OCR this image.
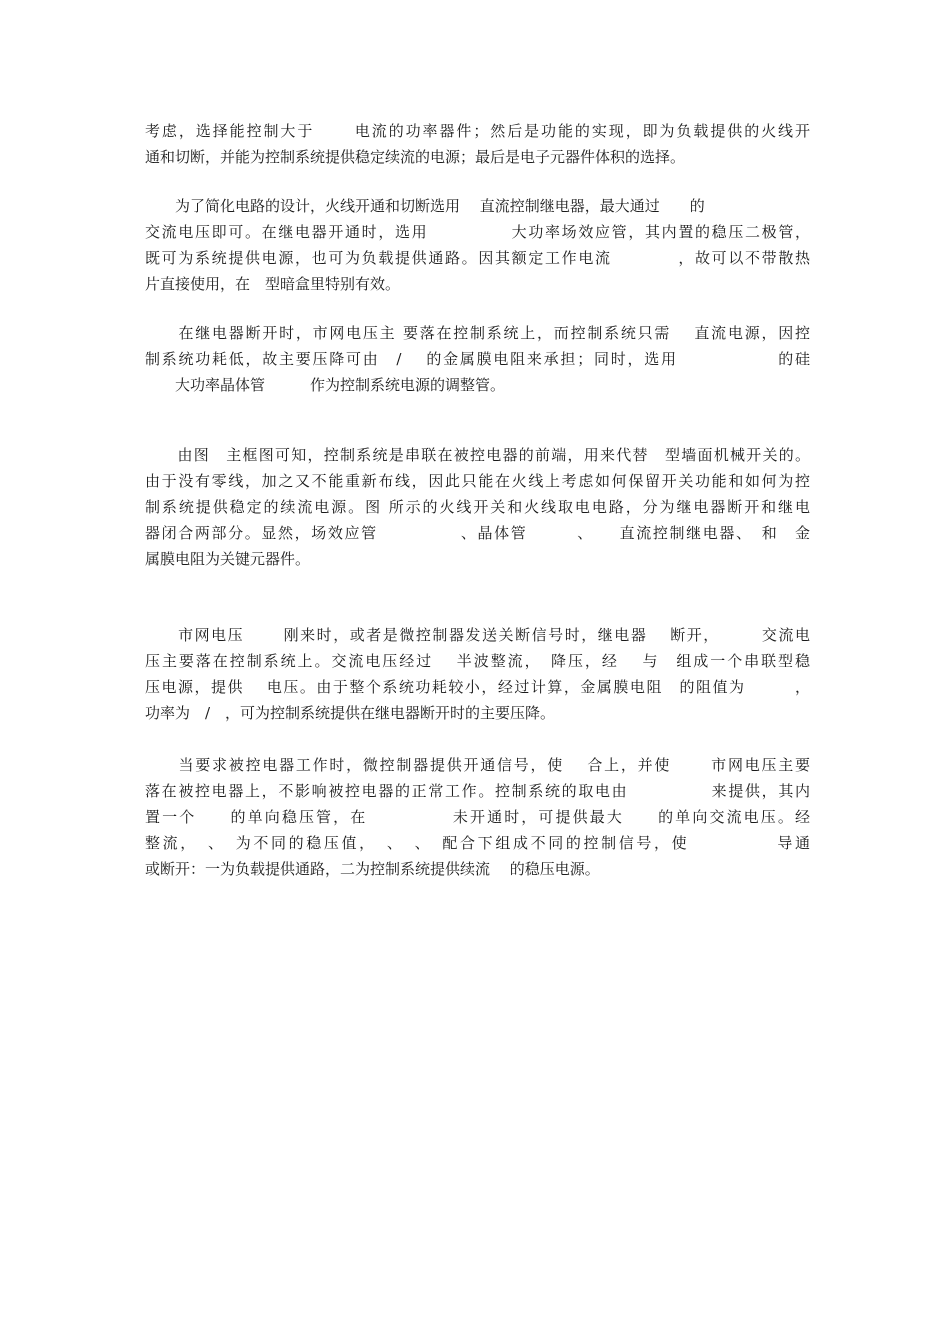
考虑，选择能控制大于　　 电流的功率器件；然后是功能的实现，即为负载提供的火线开
通和切断，并能为控制系统提供稳定续流的电源；最后是电子元器件体积的选择。
　　为了简化电路的设计，火线开通和切断选用　 直流控制继电器，最大通过　　的
交流电压即可。在继电器开通时，选用　　　　　大功率场效应管，其内置的稳压二极管，
既可为系统提供电源，也可为负载提供通路。因其额定工作电流　　　　，故可以不带散热
片直接使用，在　型暗盒里特别有效。
　　在继电器断开时，市网电压主 要落在控制系统上，而控制系统只需　 直流电源，因控
制系统功耗低，故主要压降可由　/　 的金属膜电阻来承担；同时，选用　　　　　　的硅
　　大功率晶体管　　　作为控制系统电源的调整管。
　　由图　主框图可知，控制系统是串联在被控电器的前端，用来代替　型墙面机械开关的。
由于没有零线，加之又不能重新布线，因此只能在火线上考虑如何保留开关功能和如何为控
制系统提供稳定的续流电源。图 所示的火线开关和火线取电电路，分为继电器断开和继电
器闭合两部分。显然，场效应管　　　　　、晶体管　　　、　　直流控制继电器、　和　金
属膜电阻为关键元器件。
　　市网电压　　 刚来时，或者是微控制器发送关断信号时，继电器　 断开，　　　交流电
压主要落在控制系统上。交流电压经过　 半波整流，　降压，经　 与　组成一个串联型稳
压电源，提供　 电压。由于整个系统功耗较小，经过计算，金属膜电阻　的阻值为　　　，
功率为　/　，可为控制系统提供在继电器断开时的主要压降。
　　当要求被控电器工作时，微控制器提供开通信号，使　 合上，并使　　 市网电压主要
落在被控电器上，不影响被控电器的正常工作。控制系统的取电由　　　　　来提供，其内
置一个　　的单向稳压管，在　　　　　未开通时，可提供最大　　的单向交流电压。经
整流，　、　为不同的稳压值，　、　、　配合下组成不同的控制信号，使　　　　　导通
或断开：一为负载提供通路，二为控制系统提供续流　 的稳压电源。
